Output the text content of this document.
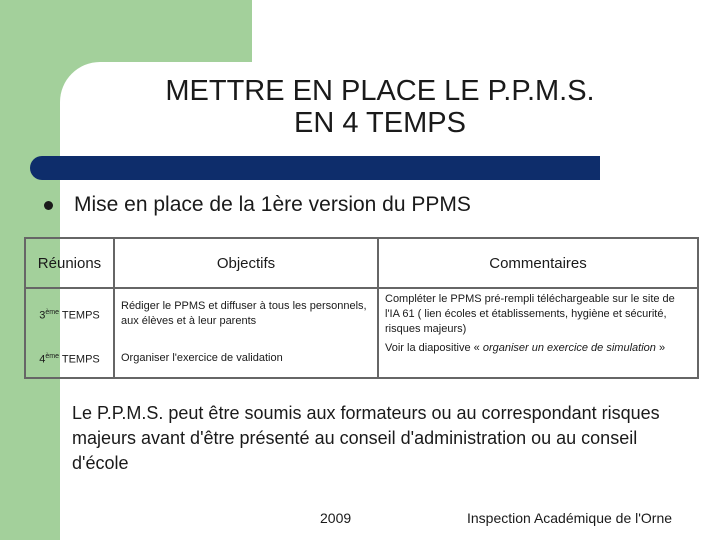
METTRE EN PLACE LE P.P.M.S.
EN 4 TEMPS
Mise en place de la 1ère version du PPMS
Réunions	Objectifs	Commentaires
3ème TEMPS	Rédiger le PPMS et diffuser à tous les personnels, aux élèves et à leur parents	Compléter le PPMS pré-rempli téléchargeable sur le site de l'IA 61 ( lien écoles et établissements, hygiène et sécurité, risques majeurs)
4ème TEMPS	Organiser l'exercice de validation	Voir la diapositive « organiser un exercice de simulation »
Le P.P.M.S. peut être soumis aux formateurs ou au correspondant risques majeurs avant d'être présenté au conseil d'administration ou au conseil d'école
2009	Inspection Académique de l'Orne
